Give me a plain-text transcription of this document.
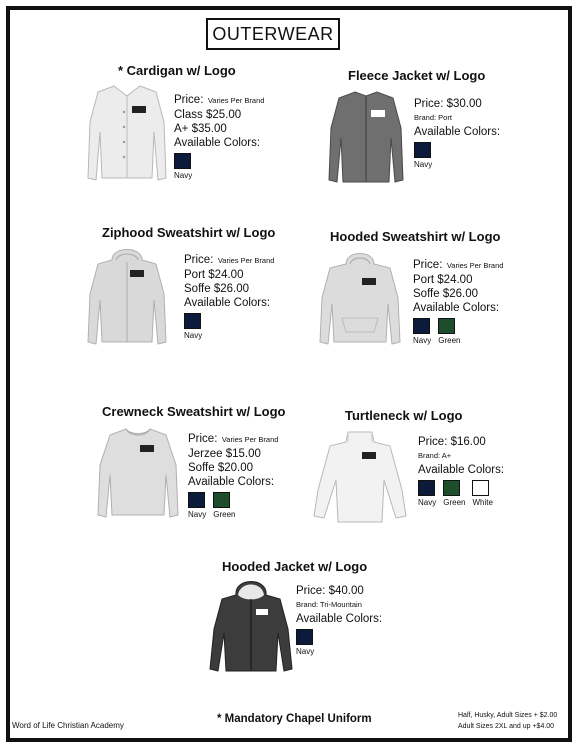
OUTERWEAR
* Cardigan w/ Logo
Price: Varies Per Brand
Class $25.00
A+ $35.00
Available Colors:
Navy
Fleece Jacket w/ Logo
Price: $30.00
Brand: Port
Available Colors:
Navy
Ziphood Sweatshirt w/ Logo
Price: Varies Per Brand
Port $24.00
Soffe $26.00
Available Colors:
Navy
Hooded Sweatshirt w/ Logo
Price: Varies Per Brand
Port $24.00
Soffe $26.00
Available Colors:
Navy Green
Crewneck Sweatshirt w/ Logo
Price: Varies Per Brand
Jerzee $15.00
Soffe $20.00
Available Colors:
Navy Green
Turtleneck w/ Logo
Price: $16.00
Brand: A+
Available Colors:
Navy Green White
Hooded Jacket w/ Logo
Price: $40.00
Brand: Tri-Mountain
Available Colors:
Navy
Word of Life Christian Academy
* Mandatory Chapel Uniform	Half, Husky, Adult Sizes + $2.00
Adult Sizes 2XL and up +$4.00
